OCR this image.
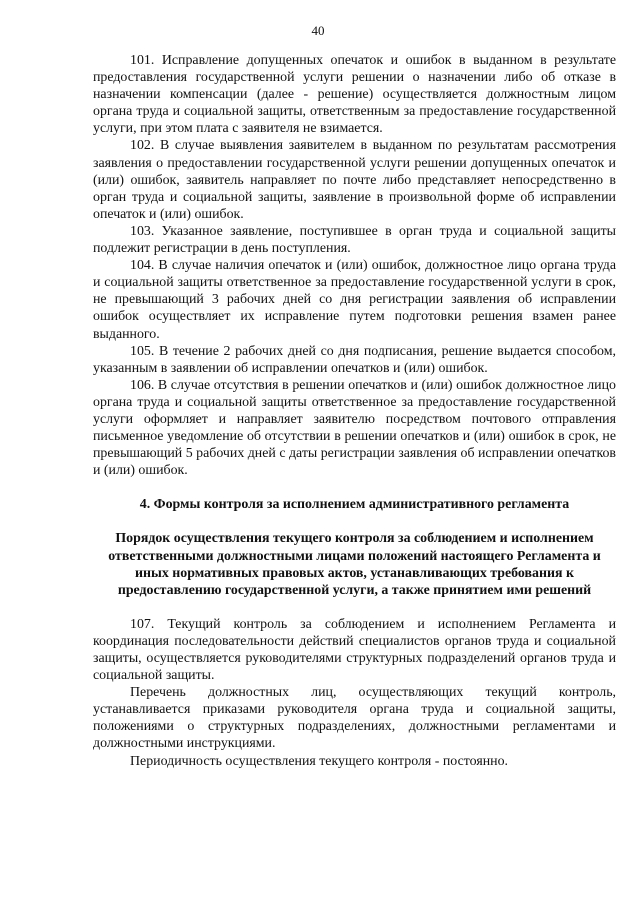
40

101. Исправление допущенных опечаток и ошибок в выданном в результате предоставления государственной услуги решении о назначении либо об отказе в назначении компенсации (далее - решение) осуществляется должностным лицом органа труда и социальной защиты, ответственным за предоставление государственной услуги, при этом плата с заявителя не взимается.

102. В случае выявления заявителем в выданном по результатам рассмотрения заявления о предоставлении государственной услуги решении допущенных опечаток и (или) ошибок, заявитель направляет по почте либо представляет непосредственно в орган труда и социальной защиты, заявление в произвольной форме об исправлении опечаток и (или) ошибок.

103. Указанное заявление, поступившее в орган труда и социальной защиты подлежит регистрации в день поступления.

104. В случае наличия опечаток и (или) ошибок, должностное лицо органа труда и социальной защиты ответственное за предоставление государственной услуги в срок, не превышающий 3 рабочих дней со дня регистрации заявления об исправлении ошибок осуществляет их исправление путем подготовки решения взамен ранее выданного.

105. В течение 2 рабочих дней со дня подписания, решение выдается способом, указанным в заявлении об исправлении опечатков и (или) ошибок.

106. В случае отсутствия в решении опечатков и (или) ошибок должностное лицо органа труда и социальной защиты ответственное за предоставление государственной услуги оформляет и направляет заявителю посредством почтового отправления письменное уведомление об отсутствии в решении опечатков и (или) ошибок в срок, не превышающий 5 рабочих дней с даты регистрации заявления об исправлении опечатков и (или) ошибок.

4. Формы контроля за исполнением административного регламента

Порядок осуществления текущего контроля за соблюдением и исполнением ответственными должностными лицами положений настоящего Регламента и иных нормативных правовых актов, устанавливающих требования к предоставлению государственной услуги, а также принятием ими решений

107. Текущий контроль за соблюдением и исполнением Регламента и координация последовательности действий специалистов органов труда и социальной защиты, осуществляется руководителями структурных подразделений органов труда и социальной защиты.

Перечень должностных лиц, осуществляющих текущий контроль, устанавливается приказами руководителя органа труда и социальной защиты, положениями о структурных подразделениях, должностными регламентами и должностными инструкциями.

Периодичность осуществления текущего контроля - постоянно.
